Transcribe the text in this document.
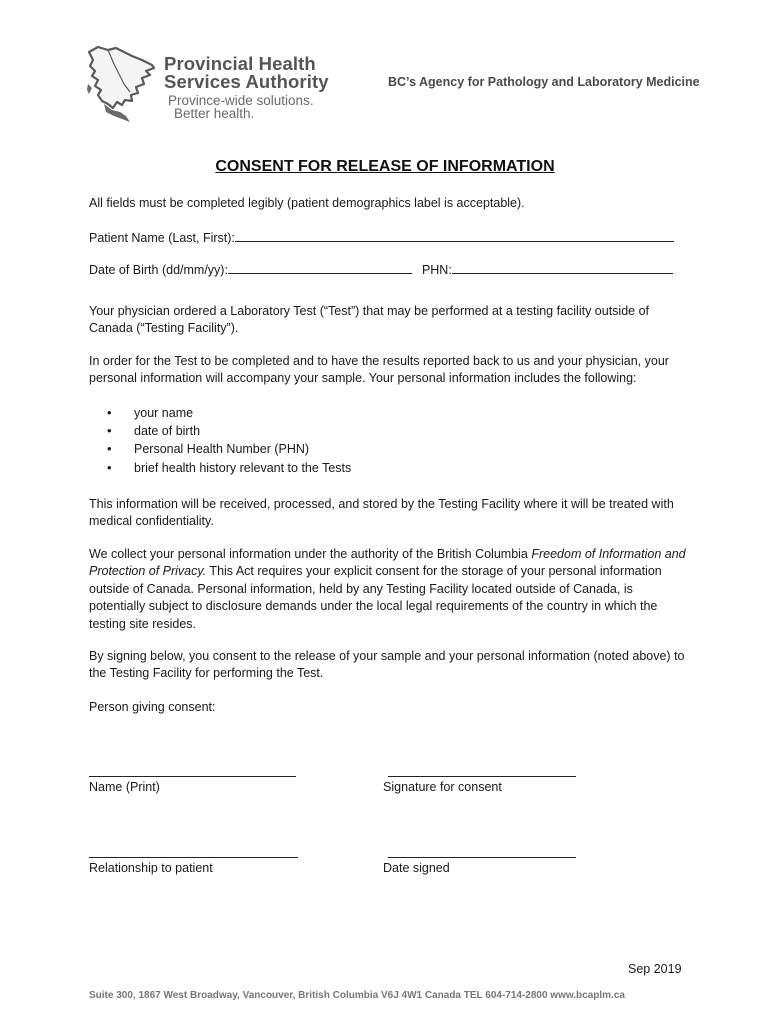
Provincial Health
Services Authority
Province-wide solutions.
Better health.
BC’s Agency for Pathology and Laboratory Medicine
CONSENT FOR RELEASE OF INFORMATION
All fields must be completed legibly (patient demographics label is acceptable).
Patient Name (Last, First):
Date of Birth (dd/mm/yy):	PHN:
Your physician ordered a Laboratory Test (“Test”) that may be performed at a testing facility outside of Canada (“Testing Facility”).
In order for the Test to be completed and to have the results reported back to us and your physician, your personal information will accompany your sample. Your personal information includes the following:
• your name
• date of birth
• Personal Health Number (PHN)
• brief health history relevant to the Tests
This information will be received, processed, and stored by the Testing Facility where it will be treated with medical confidentiality.
We collect your personal information under the authority of the British Columbia Freedom of Information and Protection of Privacy. This Act requires your explicit consent for the storage of your personal information outside of Canada. Personal information, held by any Testing Facility located outside of Canada, is potentially subject to disclosure demands under the local legal requirements of the country in which the testing site resides.
By signing below, you consent to the release of your sample and your personal information (noted above) to the Testing Facility for performing the Test.
Person giving consent:
Name (Print)	Signature for consent
Relationship to patient	Date signed
Sep 2019
Suite 300, 1867 West Broadway, Vancouver, British Columbia V6J 4W1 Canada TEL 604-714-2800 www.bcaplm.ca
